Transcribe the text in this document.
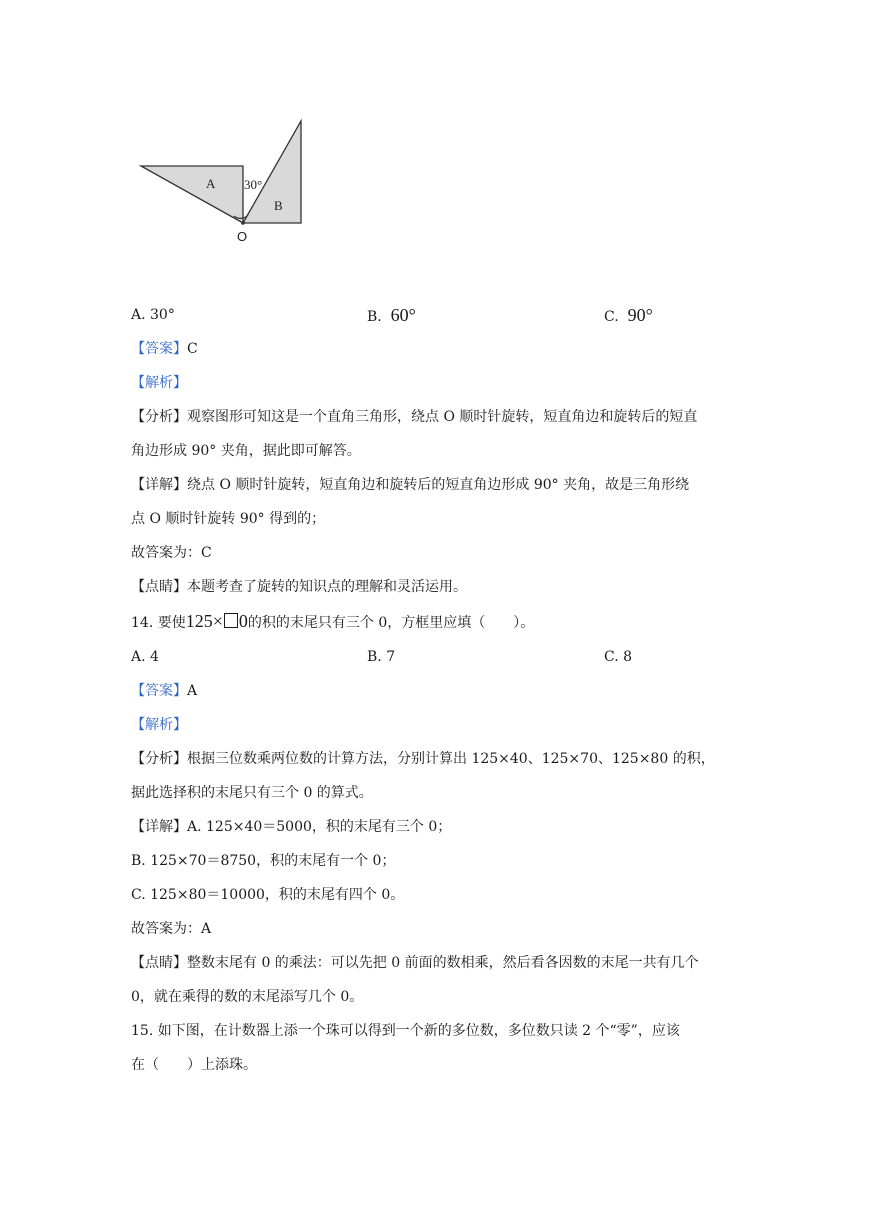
A 30°
B
O
A. 30°	B. 60°	C. 90°
【答案】C
【解析】
【分析】观察图形可知这是一个直角三角形，绕点 O 顺时针旋转，短直角边和旋转后的短直
角边形成 90° 夹角，据此即可解答。
【详解】绕点 O 顺时针旋转，短直角边和旋转后的短直角边形成 90° 夹角，故是三角形绕
点 O 顺时针旋转 90° 得到的；
故答案为：C
【点睛】本题考查了旋转的知识点的理解和灵活运用。
14. 要使125× 0的积的末尾只有三个 0，方框里应填（　　）。
A. 4	B. 7	C. 8
【答案】A
【解析】
【分析】根据三位数乘两位数的计算方法，分别计算出 125×40、125×70、125×80 的积，
据此选择积的末尾只有三个 0 的算式。
【详解】A. 125×40＝5000，积的末尾有三个 0；
B. 125×70＝8750，积的末尾有一个 0；
C. 125×80＝10000，积的末尾有四个 0。
故答案为：A
【点睛】整数末尾有 0 的乘法：可以先把 0 前面的数相乘，然后看各因数的末尾一共有几个
0，就在乘得的数的末尾添写几个 0。
15. 如下图，在计数器上添一个珠可以得到一个新的多位数，多位数只读 2 个“零”，应该
在（　　）上添珠。
